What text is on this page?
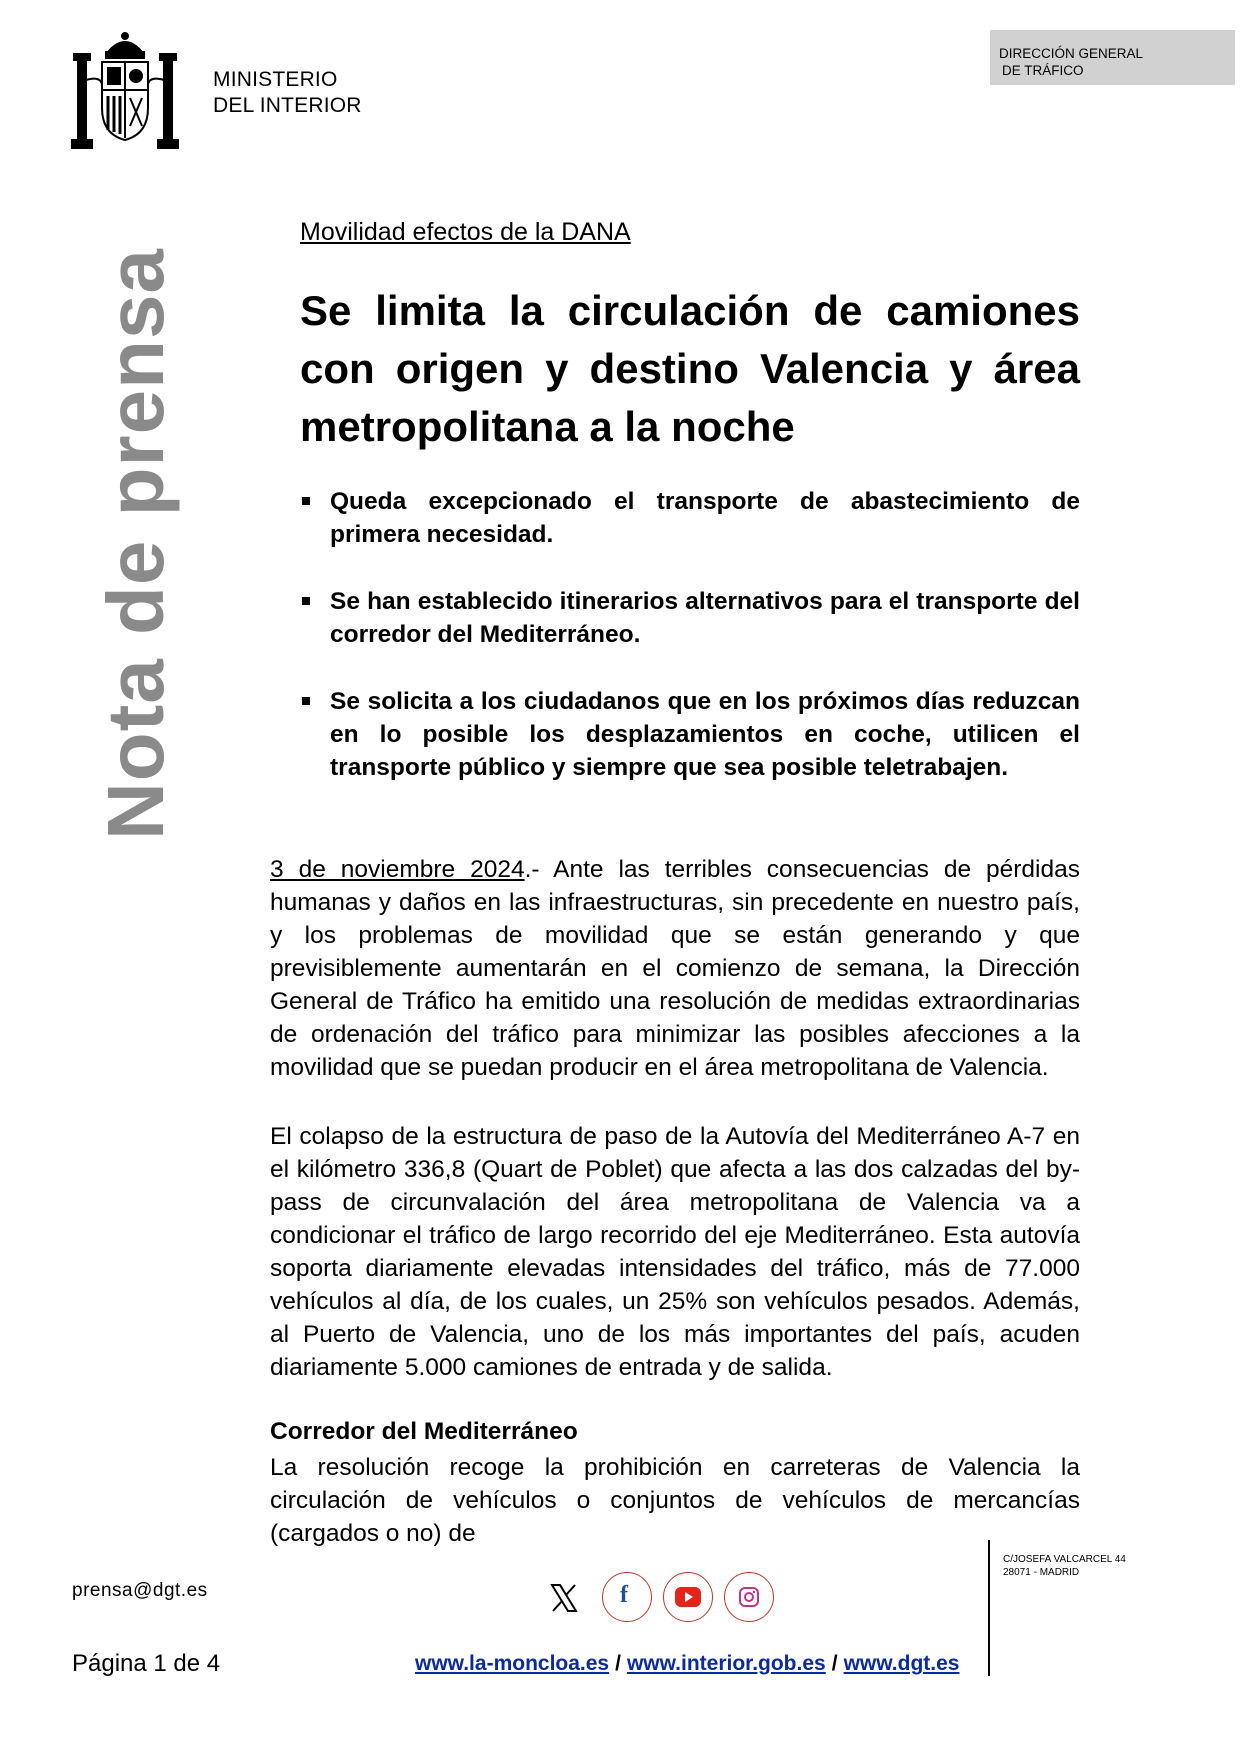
MINISTERIO
DEL INTERIOR
DIRECCIÓN GENERAL
DE TRÁFICO
Nota de prensa
Movilidad efectos de la DANA
Se limita la circulación de camiones con origen y destino Valencia y área metropolitana a la noche
Queda excepcionado el transporte de abastecimiento de primera necesidad.
Se han establecido itinerarios alternativos para el transporte del corredor del Mediterráneo.
Se solicita a los ciudadanos que en los próximos días reduzcan en lo posible los desplazamientos en coche, utilicen el transporte público y siempre que sea posible teletrabajen.
3 de noviembre 2024.- Ante las terribles consecuencias de pérdidas humanas y daños en las infraestructuras, sin precedente en nuestro país, y los problemas de movilidad que se están generando y que previsiblemente aumentarán en el comienzo de semana, la Dirección General de Tráfico ha emitido una resolución de medidas extraordinarias de ordenación del tráfico para minimizar las posibles afecciones a la movilidad que se puedan producir en el área metropolitana de Valencia.
El colapso de la estructura de paso de la Autovía del Mediterráneo A-7 en el kilómetro 336,8 (Quart de Poblet) que afecta a las dos calzadas del by-pass de circunvalación del área metropolitana de Valencia va a condicionar el tráfico de largo recorrido del eje Mediterráneo. Esta autovía soporta diariamente elevadas intensidades del tráfico, más de 77.000 vehículos al día, de los cuales, un 25% son vehículos pesados. Además, al Puerto de Valencia, uno de los más importantes del país, acuden diariamente 5.000 camiones de entrada y de salida.
Corredor del Mediterráneo
La resolución recoge la prohibición en carreteras de Valencia la circulación de vehículos o conjuntos de vehículos de mercancías (cargados o no) de
prensa@dgt.es
Página 1 de 4
f
www.la-moncloa.es / www.interior.gob.es / www.dgt.es
C/JOSEFA VALCARCEL 44
28071 - MADRID
